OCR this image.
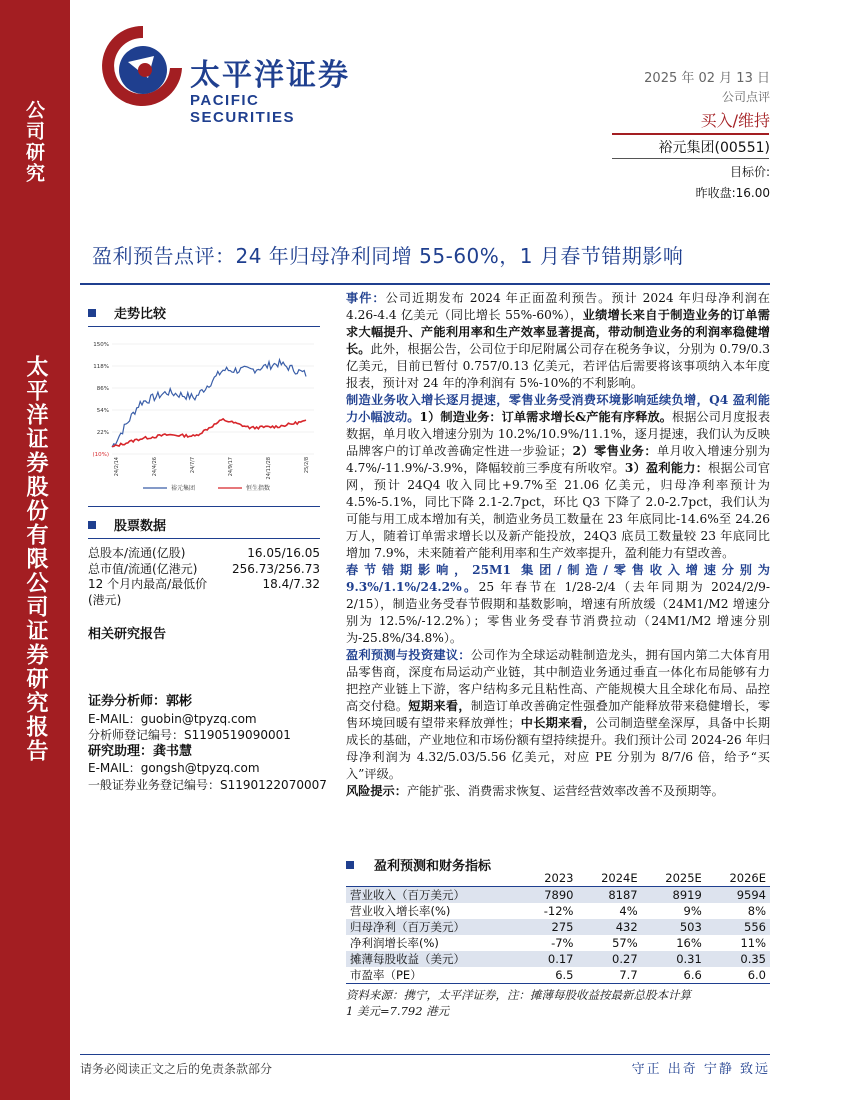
公司研究
太平洋证券股份有限公司证券研究报告
太平洋证券
PACIFIC SECURITIES
2025 年 02 月 13 日
公司点评
买入/维持
裕元集团(00551)
目标价:
昨收盘:16.00
盈利预告点评：24 年归母净利同增 55-60%，1 月春节错期影响
走势比较
150%
118%
86%
54%
22%
(10%)
24/2/14	24/4/26	24/7/7	24/9/17	24/11/28	25/2/8
裕元集团	恒生指数
股票数据
总股本/流通(亿股)	16.05/16.05
总市值/流通(亿港元)	256.73/256.73
12 个月内最高/最低价	18.4/7.32
(港元)
相关研究报告
证券分析师：郭彬
E-MAIL：guobin@tpyzq.com
分析师登记编号：S1190519090001
研究助理：龚书慧
E-MAIL：gongsh@tpyzq.com
一般证券业务登记编号：S1190122070007

事件：公司近期发布 2024 年正面盈利预告。预计 2024 年归母净利润在 4.26-4.4 亿美元（同比增长 55%-60%），业绩增长来自于制造业务的订单需求大幅提升、产能利用率和生产效率显著提高，带动制造业务的利润率稳健增长。此外，根据公告，公司位于印尼附属公司存在税务争议，分别为 0.79/0.3 亿美元，目前已暂付 0.757/0.13 亿美元，若评估后需要将该事项纳入本年度报表，预计对 24 年的净利润有 5%-10%的不利影响。

制造业务收入增长逐月提速，零售业务受消费环境影响延续负增，Q4 盈利能力小幅波动。1）制造业务：订单需求增长&产能有序释放。根据公司月度报表数据，单月收入增速分别为 10.2%/10.9%/11.1%，逐月提速，我们认为反映品牌客户的订单改善确定性进一步验证；2）零售业务：单月收入增速分别为 4.7%/-11.9%/-3.9%，降幅较前三季度有所收窄。3）盈利能力：根据公司官网，预计 24Q4 收入同比+9.7%至 21.06 亿美元，归母净利率预计为 4.5%-5.1%，同比下降 2.1-2.7pct，环比 Q3 下降了 2.0-2.7pct，我们认为可能与用工成本增加有关，制造业务员工数量在 23 年底同比-14.6%至 24.26 万人，随着订单需求增长以及新产能投放，24Q3 底员工数量较 23 年底同比增加 7.9%，未来随着产能利用率和生产效率提升，盈利能力有望改善。

春节错期影响，25M1 集团/制造/零售收入增速分别为 9.3%/1.1%/24.2%。25 年春节在 1/28-2/4（去年同期为 2024/2/9-2/15），制造业务受春节假期和基数影响，增速有所放缓（24M1/M2 增速分别为 12.5%/-12.2%）；零售业务受春节消费拉动（24M1/M2 增速分别为-25.8%/34.8%）。

盈利预测与投资建议：公司作为全球运动鞋制造龙头，拥有国内第二大体育用品零售商，深度布局运动产业链，其中制造业务通过垂直一体化布局能够有力把控产业链上下游，客户结构多元且粘性高、产能规模大且全球化布局、品控高交付稳。短期来看，制造订单改善确定性强叠加产能释放带来稳健增长，零售环境回暖有望带来释放弹性；中长期来看，公司制造壁垒深厚，具备中长期成长的基础，产业地位和市场份额有望持续提升。我们预计公司 2024-26 年归母净利润为 4.32/5.03/5.56 亿美元，对应 PE 分别为 8/7/6 倍，给予“买入”评级。

风险提示：产能扩张、消费需求恢复、运营经营效率改善不及预期等。

盈利预测和财务指标
	2023	2024E	2025E	2026E
营业收入（百万美元）	7890	8187	8919	9594
营业收入增长率(%)	-12%	4%	9%	8%
归母净利（百万美元）	275	432	503	556
净利润增长率(%)	-7%	57%	16%	11%
摊薄每股收益（美元）	0.17	0.27	0.31	0.35
市盈率（PE）	6.5	7.7	6.6	6.0
资料来源：携宁，太平洋证券，注：摊薄每股收益按最新总股本计算
1 美元=7.792 港元
请务必阅读正文之后的免责条款部分	守正 出奇 宁静 致远
